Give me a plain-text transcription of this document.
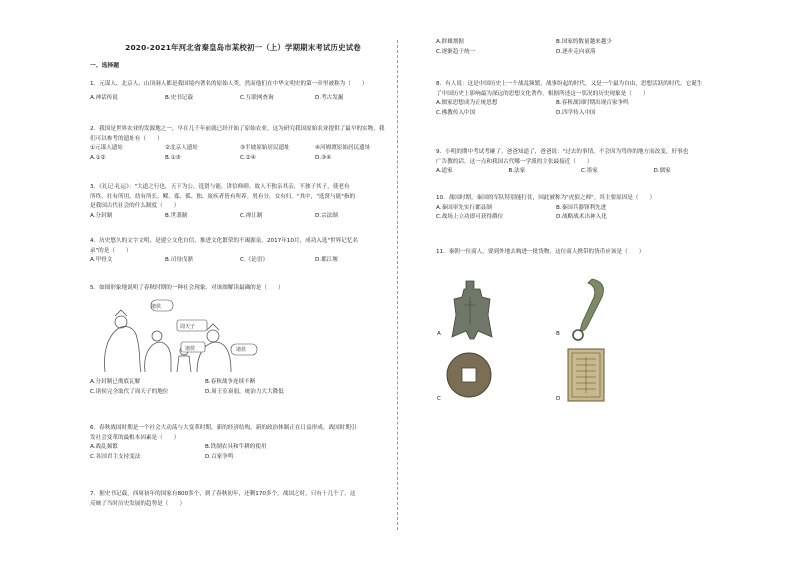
2020-2021年河北省秦皇岛市某校初一（上）学期期末考试历史试卷
一、选择题
1．元谋人、北京人、山顶洞人都是我国境内著名的原始人类，然而他们在中华文明史的第一章里被称为（　　）
A.神话传说	B.史书记载	C.互联网查询	D.考古发掘
2．我国是世界农业的发源地之一，早在几千年前就已经开始了原始农业，这为研究我国原始农业提供了最早的实物，我
们可以参考的遗址有（　　）
①元谋人遗址	②北京人遗址	③半坡原始居民遗址	④河姆渡原始居民遗址
A.①②	B.①③	C.②④	D.③④
3．《礼记·礼运》："大道之行也，天下为公，选贤与能，讲信修睦。故人不独亲其亲，不独子其子，使老有
所终，壮有所用，幼有所长，鳏、寡、孤、独、废疾者皆有所养。男有分，女有归。"其中，"选贤与能"指的
是我国古代社会的什么制度（　　）
A.分封制	B.世袭制	C.禅让制	D.宗法制
4．历史悠久的文字文明，是建立文化自信、推进文化繁荣的不竭源泉。2017年10月，成功入选"世界记忆名
录"的是（　　）
A.甲骨文	B.司母戊鼎	C.《论语》	D.都江堰
5．如图形象地说明了春秋时期的一种社会现象。对该图解读最确的是（　　）
诸侯
周天子
诸侯	诸侯
A.分封制已彻底瓦解	B.春秋战争连续不断
C.诸侯完全取代了周天子的地位	D.周王室衰弱，统治力大大降低
6．春秋战国时期是一个社会大动荡与大变革时期，新的经济结构，新的政治体制正在日益形成。战国时期引
发社会变革的最根本因素是（　　）
A.战乱频繁	B.铁制农具和牛耕的使用
C.各国君主支持变法	D.百家争鸣
7．据史书记载，西周初年的国家有800多个，到了春秋初年，还剩170多个，战国之时，只有十几个了。这
反映了当时历史发展的趋势是（　　）
A.群雄割据	B.国家的数量越来越少
C.逐渐趋于统一	D.逐步走向衰落
8．有人说：这是中国历史上一个战乱频繁，战事纷起的时代，又是一个最为自由，思想活跃的时代，它诞生
了中国历史上影响最为深远的思想文化著作。根据所述这一状况的历史现象是（　　）
A.儒家思想成为正统思想	B.春秋战国时期出现百家争鸣
C.佛教传入中国	D.四学传入中国
9．小明的期中考试考砸了，爸爸知道了，爸爸说："过去的事情，不会因为骂你的地方而改变，好事也
广告教的话，这一点和我国古代哪一学派的主张最接近（　　）
A.道家	B.法家	C.墨家	D.儒家
10．战国时期，秦国的军队特别能打仗，因此被称为"虎狼之师"。其主要原因是（　　）
A.秦国率先实行郡县制	B.秦国兵器锋利先进
C.战场上立功即可获得爵位	D.战略战术出神入化
11．秦朝一位商人，要到外地去购进一批货物，这位商人携带的货币应该是（　　）
A	B
C	D
